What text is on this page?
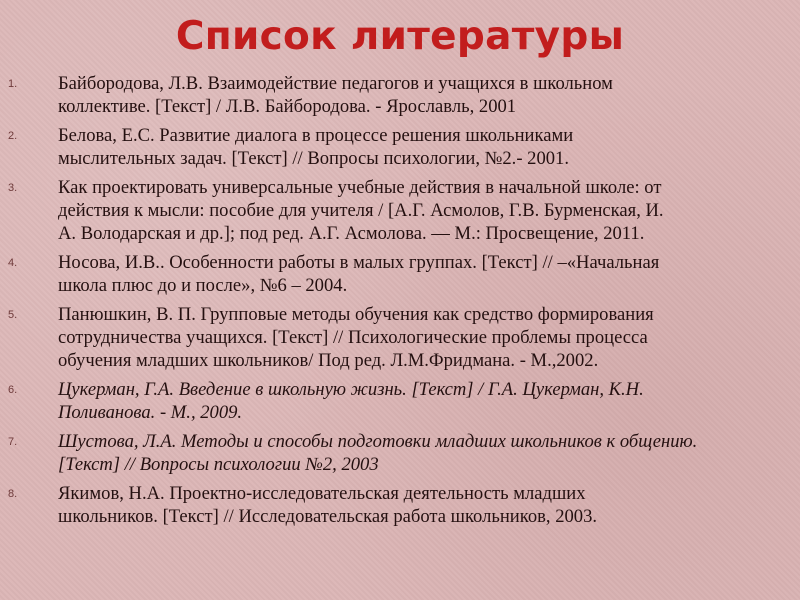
Список литературы
1.	Байбородова, Л.В. Взаимодействие педагогов и учащихся в школьном
коллективе. [Текст] / Л.В. Байбородова. - Ярославль, 2001
2.	Белова, Е.С. Развитие диалога в процессе решения школьниками
мыслительных задач. [Текст] // Вопросы психологии, №2.- 2001.
3.	Как проектировать универсальные учебные действия в начальной школе: от
действия к мысли: пособие для учителя / [А.Г. Асмолов, Г.В. Бурменская, И.
А. Володарская и др.]; под ред. А.Г. Асмолова. — М.: Просвещение, 2011.
4.	Носова, И.В.. Особенности работы в малых группах. [Текст] // –«Начальная
школа плюс до и после», №6 – 2004.
5.	Панюшкин, В. П. Групповые методы обучения как средство формирования
сотрудничества учащихся. [Текст] // Психологические проблемы процесса
обучения младших школьников/ Под ред. Л.М.Фридмана. - М.,2002.
6.	Цукерман, Г.А. Введение в школьную жизнь. [Текст] / Г.А. Цукерман, К.Н.
Поливанова. - М., 2009.
7.	Шустова, Л.А. Методы и способы подготовки младших школьников к общению.
[Текст] // Вопросы психологии №2, 2003
8.	Якимов, Н.А. Проектно-исследовательская деятельность младших
школьников. [Текст] // Исследовательская работа школьников, 2003.
